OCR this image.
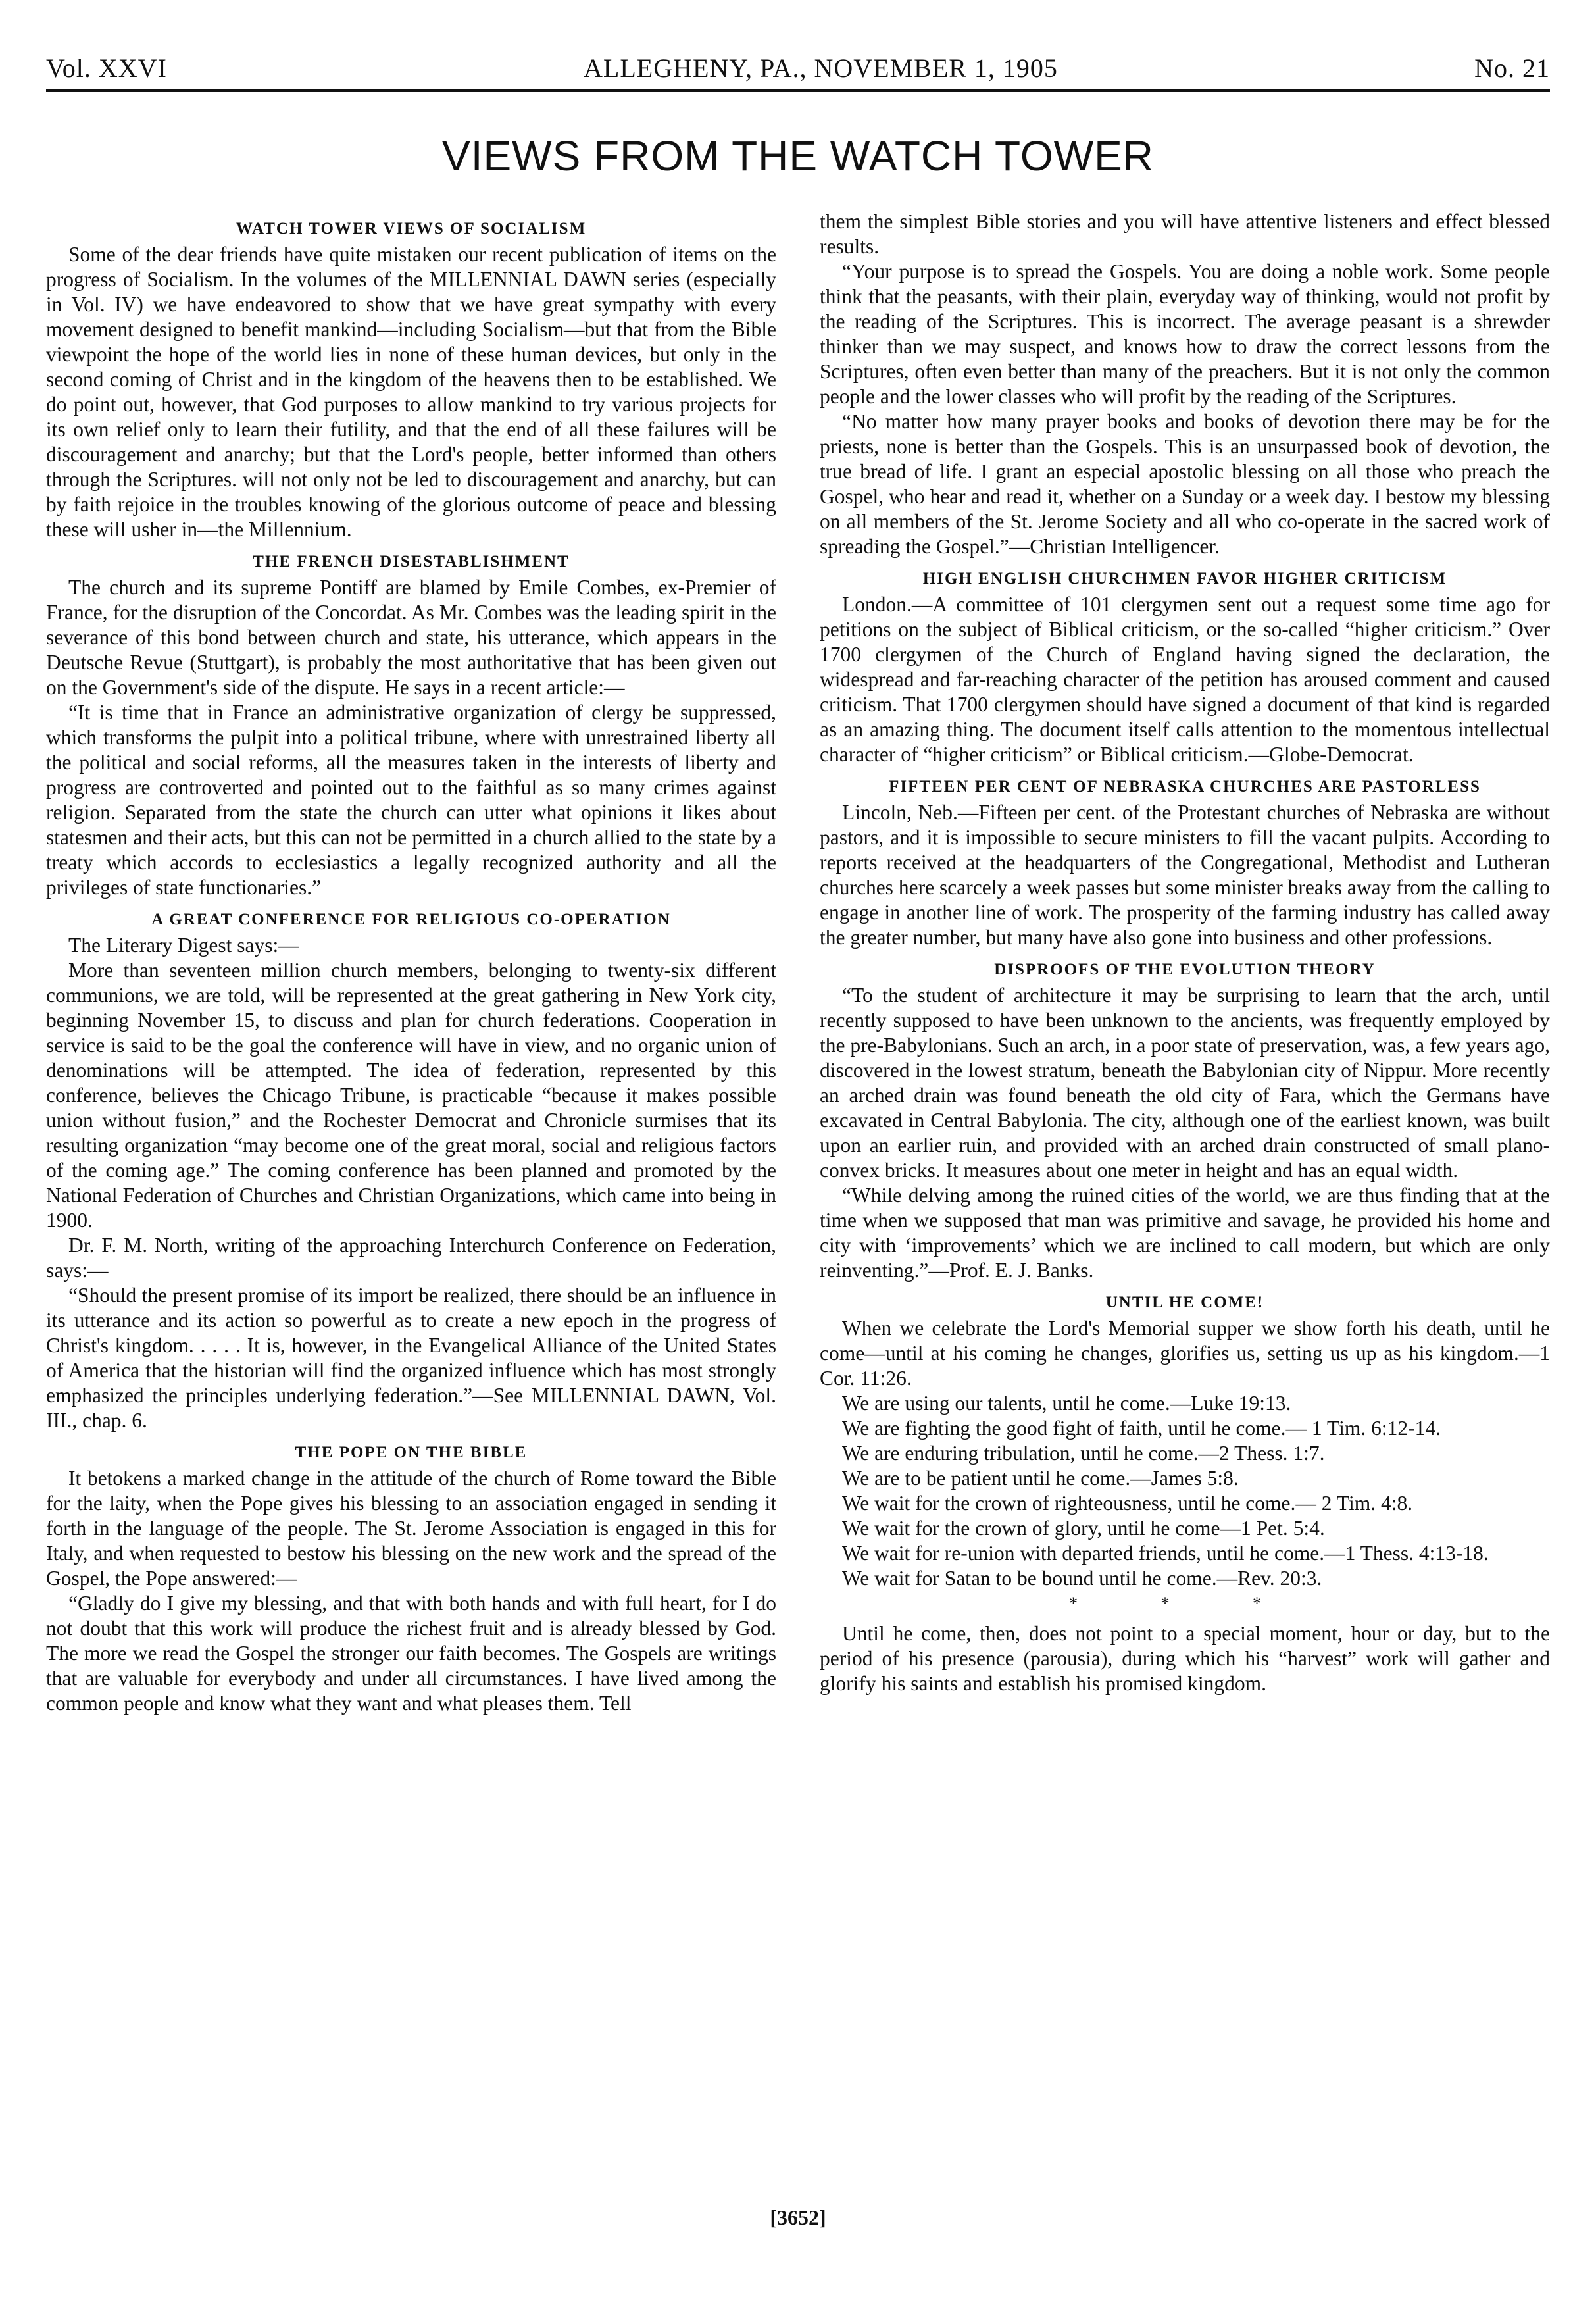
Vol. XXVI	ALLEGHENY, PA., NOVEMBER 1, 1905	No. 21
VIEWS FROM THE WATCH TOWER
WATCH TOWER VIEWS OF SOCIALISM

Some of the dear friends have quite mistaken our recent publication of items on the progress of Socialism. In the volumes of the MILLENNIAL DAWN series (especially in Vol. IV) we have endeavored to show that we have great sympathy with every movement designed to benefit mankind—including Socialism—but that from the Bible viewpoint the hope of the world lies in none of these human devices, but only in the second coming of Christ and in the kingdom of the heavens then to be established. We do point out, however, that God purposes to allow mankind to try various projects for its own relief only to learn their futility, and that the end of all these failures will be discouragement and anarchy; but that the Lord's people, better informed than others through the Scriptures. will not only not be led to discouragement and anarchy, but can by faith rejoice in the troubles knowing of the glorious outcome of peace and blessing these will usher in—the Millennium.

THE FRENCH DISESTABLISHMENT

The church and its supreme Pontiff are blamed by Emile Combes, ex-Premier of France, for the disruption of the Concordat. As Mr. Combes was the leading spirit in the severance of this bond between church and state, his utterance, which appears in the Deutsche Revue (Stuttgart), is probably the most authoritative that has been given out on the Government's side of the dispute. He says in a recent article:—

“It is time that in France an administrative organization of clergy be suppressed, which transforms the pulpit into a political tribune, where with unrestrained liberty all the political and social reforms, all the measures taken in the interests of liberty and progress are controverted and pointed out to the faithful as so many crimes against religion. Separated from the state the church can utter what opinions it likes about statesmen and their acts, but this can not be permitted in a church allied to the state by a treaty which accords to ecclesiastics a legally recognized authority and all the privileges of state functionaries.”

A GREAT CONFERENCE FOR RELIGIOUS CO-OPERATION

The Literary Digest says:—

More than seventeen million church members, belonging to twenty-six different communions, we are told, will be represented at the great gathering in New York city, beginning November 15, to discuss and plan for church federations. Cooperation in service is said to be the goal the conference will have in view, and no organic union of denominations will be attempted. The idea of federation, represented by this conference, believes the Chicago Tribune, is practicable “because it makes possible union without fusion,” and the Rochester Democrat and Chronicle surmises that its resulting organization “may become one of the great moral, social and religious factors of the coming age.” The coming conference has been planned and promoted by the National Federation of Churches and Christian Organizations, which came into being in 1900.

Dr. F. M. North, writing of the approaching Interchurch Conference on Federation, says:—

“Should the present promise of its import be realized, there should be an influence in its utterance and its action so powerful as to create a new epoch in the progress of Christ's kingdom. . . . . It is, however, in the Evangelical Alliance of the United States of America that the historian will find the organized influence which has most strongly emphasized the principles underlying federation.”—See MILLENNIAL DAWN, Vol. III., chap. 6.

THE POPE ON THE BIBLE

It betokens a marked change in the attitude of the church of Rome toward the Bible for the laity, when the Pope gives his blessing to an association engaged in sending it forth in the language of the people. The St. Jerome Association is engaged in this for Italy, and when requested to bestow his blessing on the new work and the spread of the Gospel, the Pope answered:—

“Gladly do I give my blessing, and that with both hands and with full heart, for I do not doubt that this work will produce the richest fruit and is already blessed by God. The more we read the Gospel the stronger our faith becomes. The Gospels are writings that are valuable for everybody and under all circumstances. I have lived among the common people and know what they want and what pleases them. Tell

them the simplest Bible stories and you will have attentive listeners and effect blessed results.

“Your purpose is to spread the Gospels. You are doing a noble work. Some people think that the peasants, with their plain, everyday way of thinking, would not profit by the reading of the Scriptures. This is incorrect. The average peasant is a shrewder thinker than we may suspect, and knows how to draw the correct lessons from the Scriptures, often even better than many of the preachers. But it is not only the common people and the lower classes who will profit by the reading of the Scriptures.

“No matter how many prayer books and books of devotion there may be for the priests, none is better than the Gospels. This is an unsurpassed book of devotion, the true bread of life. I grant an especial apostolic blessing on all those who preach the Gospel, who hear and read it, whether on a Sunday or a week day. I bestow my blessing on all members of the St. Jerome Society and all who co-operate in the sacred work of spreading the Gospel.”—Christian Intelligencer.

HIGH ENGLISH CHURCHMEN FAVOR HIGHER CRITICISM

London.—A committee of 101 clergymen sent out a request some time ago for petitions on the subject of Biblical criticism, or the so-called “higher criticism.” Over 1700 clergymen of the Church of England having signed the declaration, the widespread and far-reaching character of the petition has aroused comment and caused criticism. That 1700 clergymen should have signed a document of that kind is regarded as an amazing thing. The document itself calls attention to the momentous intellectual character of “higher criticism” or Biblical criticism.—Globe-Democrat.

FIFTEEN PER CENT OF NEBRASKA CHURCHES ARE PASTORLESS

Lincoln, Neb.—Fifteen per cent. of the Protestant churches of Nebraska are without pastors, and it is impossible to secure ministers to fill the vacant pulpits. According to reports received at the headquarters of the Congregational, Methodist and Lutheran churches here scarcely a week passes but some minister breaks away from the calling to engage in another line of work. The prosperity of the farming industry has called away the greater number, but many have also gone into business and other professions.

DISPROOFS OF THE EVOLUTION THEORY

“To the student of architecture it may be surprising to learn that the arch, until recently supposed to have been unknown to the ancients, was frequently employed by the pre-Babylonians. Such an arch, in a poor state of preservation, was, a few years ago, discovered in the lowest stratum, beneath the Babylonian city of Nippur. More recently an arched drain was found beneath the old city of Fara, which the Germans have excavated in Central Babylonia. The city, although one of the earliest known, was built upon an earlier ruin, and provided with an arched drain constructed of small plano-convex bricks. It measures about one meter in height and has an equal width.

“While delving among the ruined cities of the world, we are thus finding that at the time when we supposed that man was primitive and savage, he provided his home and city with ‘improvements’ which we are inclined to call modern, but which are only reinventing.”—Prof. E. J. Banks.

UNTIL HE COME!

When we celebrate the Lord's Memorial supper we show forth his death, until he come—until at his coming he changes, glorifies us, setting us up as his kingdom.—1 Cor. 11:26.

We are using our talents, until he come.—Luke 19:13.

We are fighting the good fight of faith, until he come.— 1 Tim. 6:12-14.

We are enduring tribulation, until he come.—2 Thess. 1:7.

We are to be patient until he come.—James 5:8.

We wait for the crown of righteousness, until he come.— 2 Tim. 4:8.

We wait for the crown of glory, until he come—1 Pet. 5:4.

We wait for re-union with departed friends, until he come.—1 Thess. 4:13-18.

We wait for Satan to be bound until he come.—Rev. 20:3.

* * *

Until he come, then, does not point to a special moment, hour or day, but to the period of his presence (parousia), during which his “harvest” work will gather and glorify his saints and establish his promised kingdom.

[3652]
